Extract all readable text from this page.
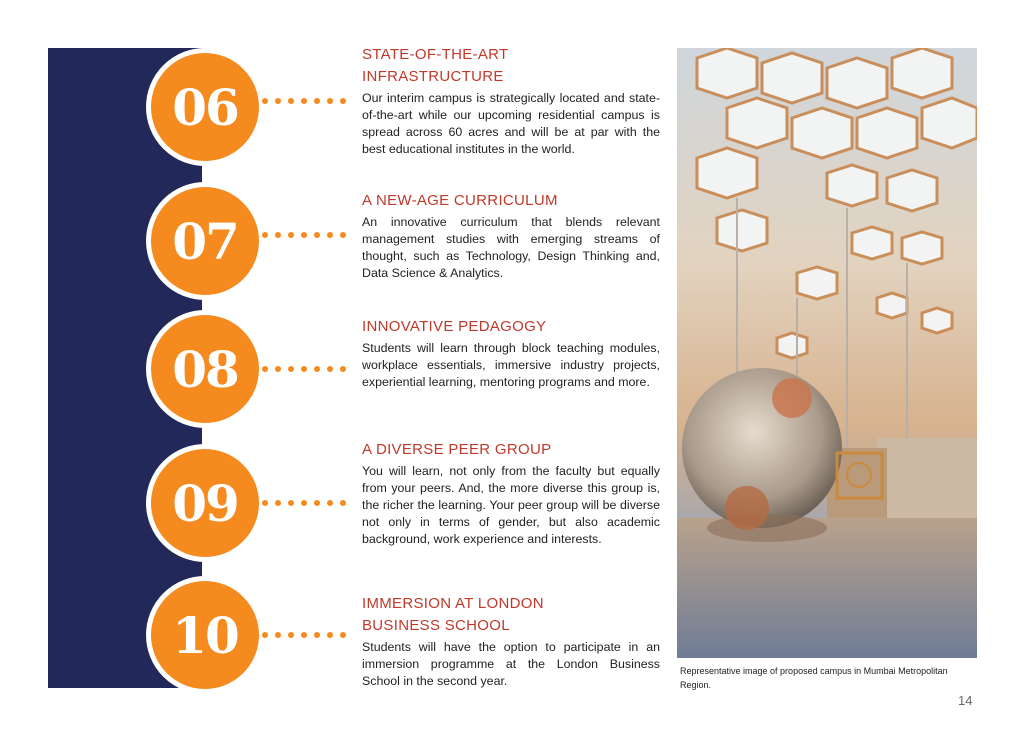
06

STATE-OF-THE-ART
INFRASTRUCTURE

Our interim campus is strategically located and state-of-the-art while our upcoming residential campus is spread across 60 acres and will be at par with the best educational institutes in the world.

07

A NEW-AGE CURRICULUM

An innovative curriculum that blends relevant management studies with emerging streams of thought, such as Technology, Design Thinking and, Data Science & Analytics.

08

INNOVATIVE PEDAGOGY

Students will learn through block teaching modules, workplace essentials, immersive industry projects, experiential learning, mentoring programs and more.

09

A DIVERSE PEER GROUP

You will learn, not only from the faculty but equally from your peers. And, the more diverse this group is, the richer the learning. Your peer group will be diverse not only in terms of gender, but also academic background, work experience and interests.

10

IMMERSION AT LONDON
BUSINESS SCHOOL

Students will have the option to participate in an immersion programme at the London Business School in the second year.

Representative image of proposed campus in Mumbai Metropolitan Region.
14
